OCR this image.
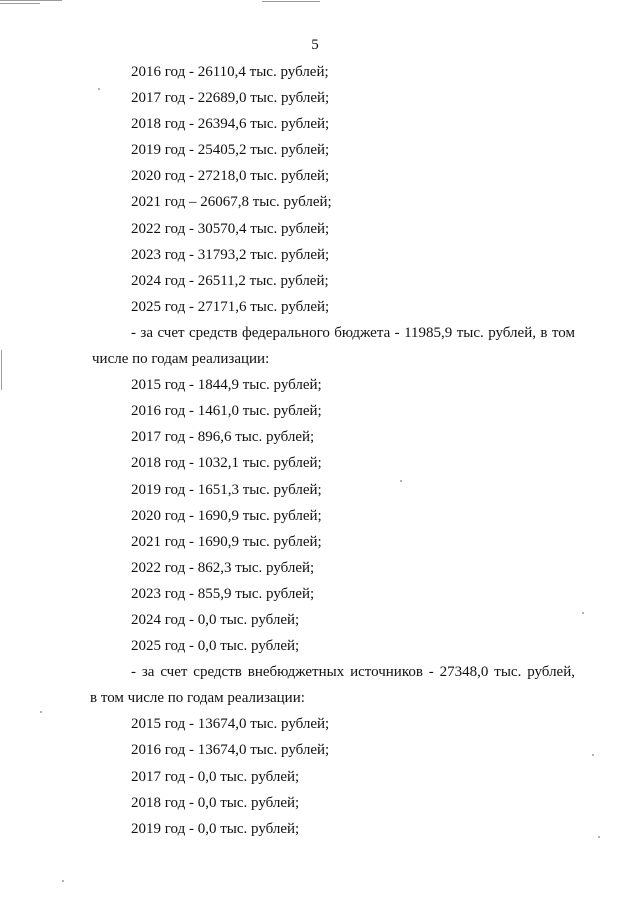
5
2016 год - 26110,4 тыс. рублей;
2017 год - 22689,0 тыс. рублей;
2018 год - 26394,6 тыс. рублей;
2019 год - 25405,2 тыс. рублей;
2020 год - 27218,0 тыс. рублей;
2021 год – 26067,8 тыс. рублей;
2022 год - 30570,4 тыс. рублей;
2023 год - 31793,2 тыс. рублей;
2024 год - 26511,2 тыс. рублей;
2025 год - 27171,6 тыс. рублей;
- за счет средств федерального бюджета - 11985,9 тыс. рублей, в том
числе по годам реализации:
2015 год - 1844,9 тыс. рублей;
2016 год - 1461,0 тыс. рублей;
2017 год - 896,6 тыс. рублей;
2018 год - 1032,1 тыс. рублей;
2019 год - 1651,3 тыс. рублей;
2020 год - 1690,9 тыс. рублей;
2021 год - 1690,9 тыс. рублей;
2022 год - 862,3 тыс. рублей;
2023 год - 855,9 тыс. рублей;
2024 год - 0,0 тыс. рублей;
2025 год - 0,0 тыс. рублей;
- за счет средств внебюджетных источников - 27348,0 тыс. рублей,
в том числе по годам реализации:
2015 год - 13674,0 тыс. рублей;
2016 год - 13674,0 тыс. рублей;
2017 год - 0,0 тыс. рублей;
2018 год - 0,0 тыс. рублей;
2019 год - 0,0 тыс. рублей;
